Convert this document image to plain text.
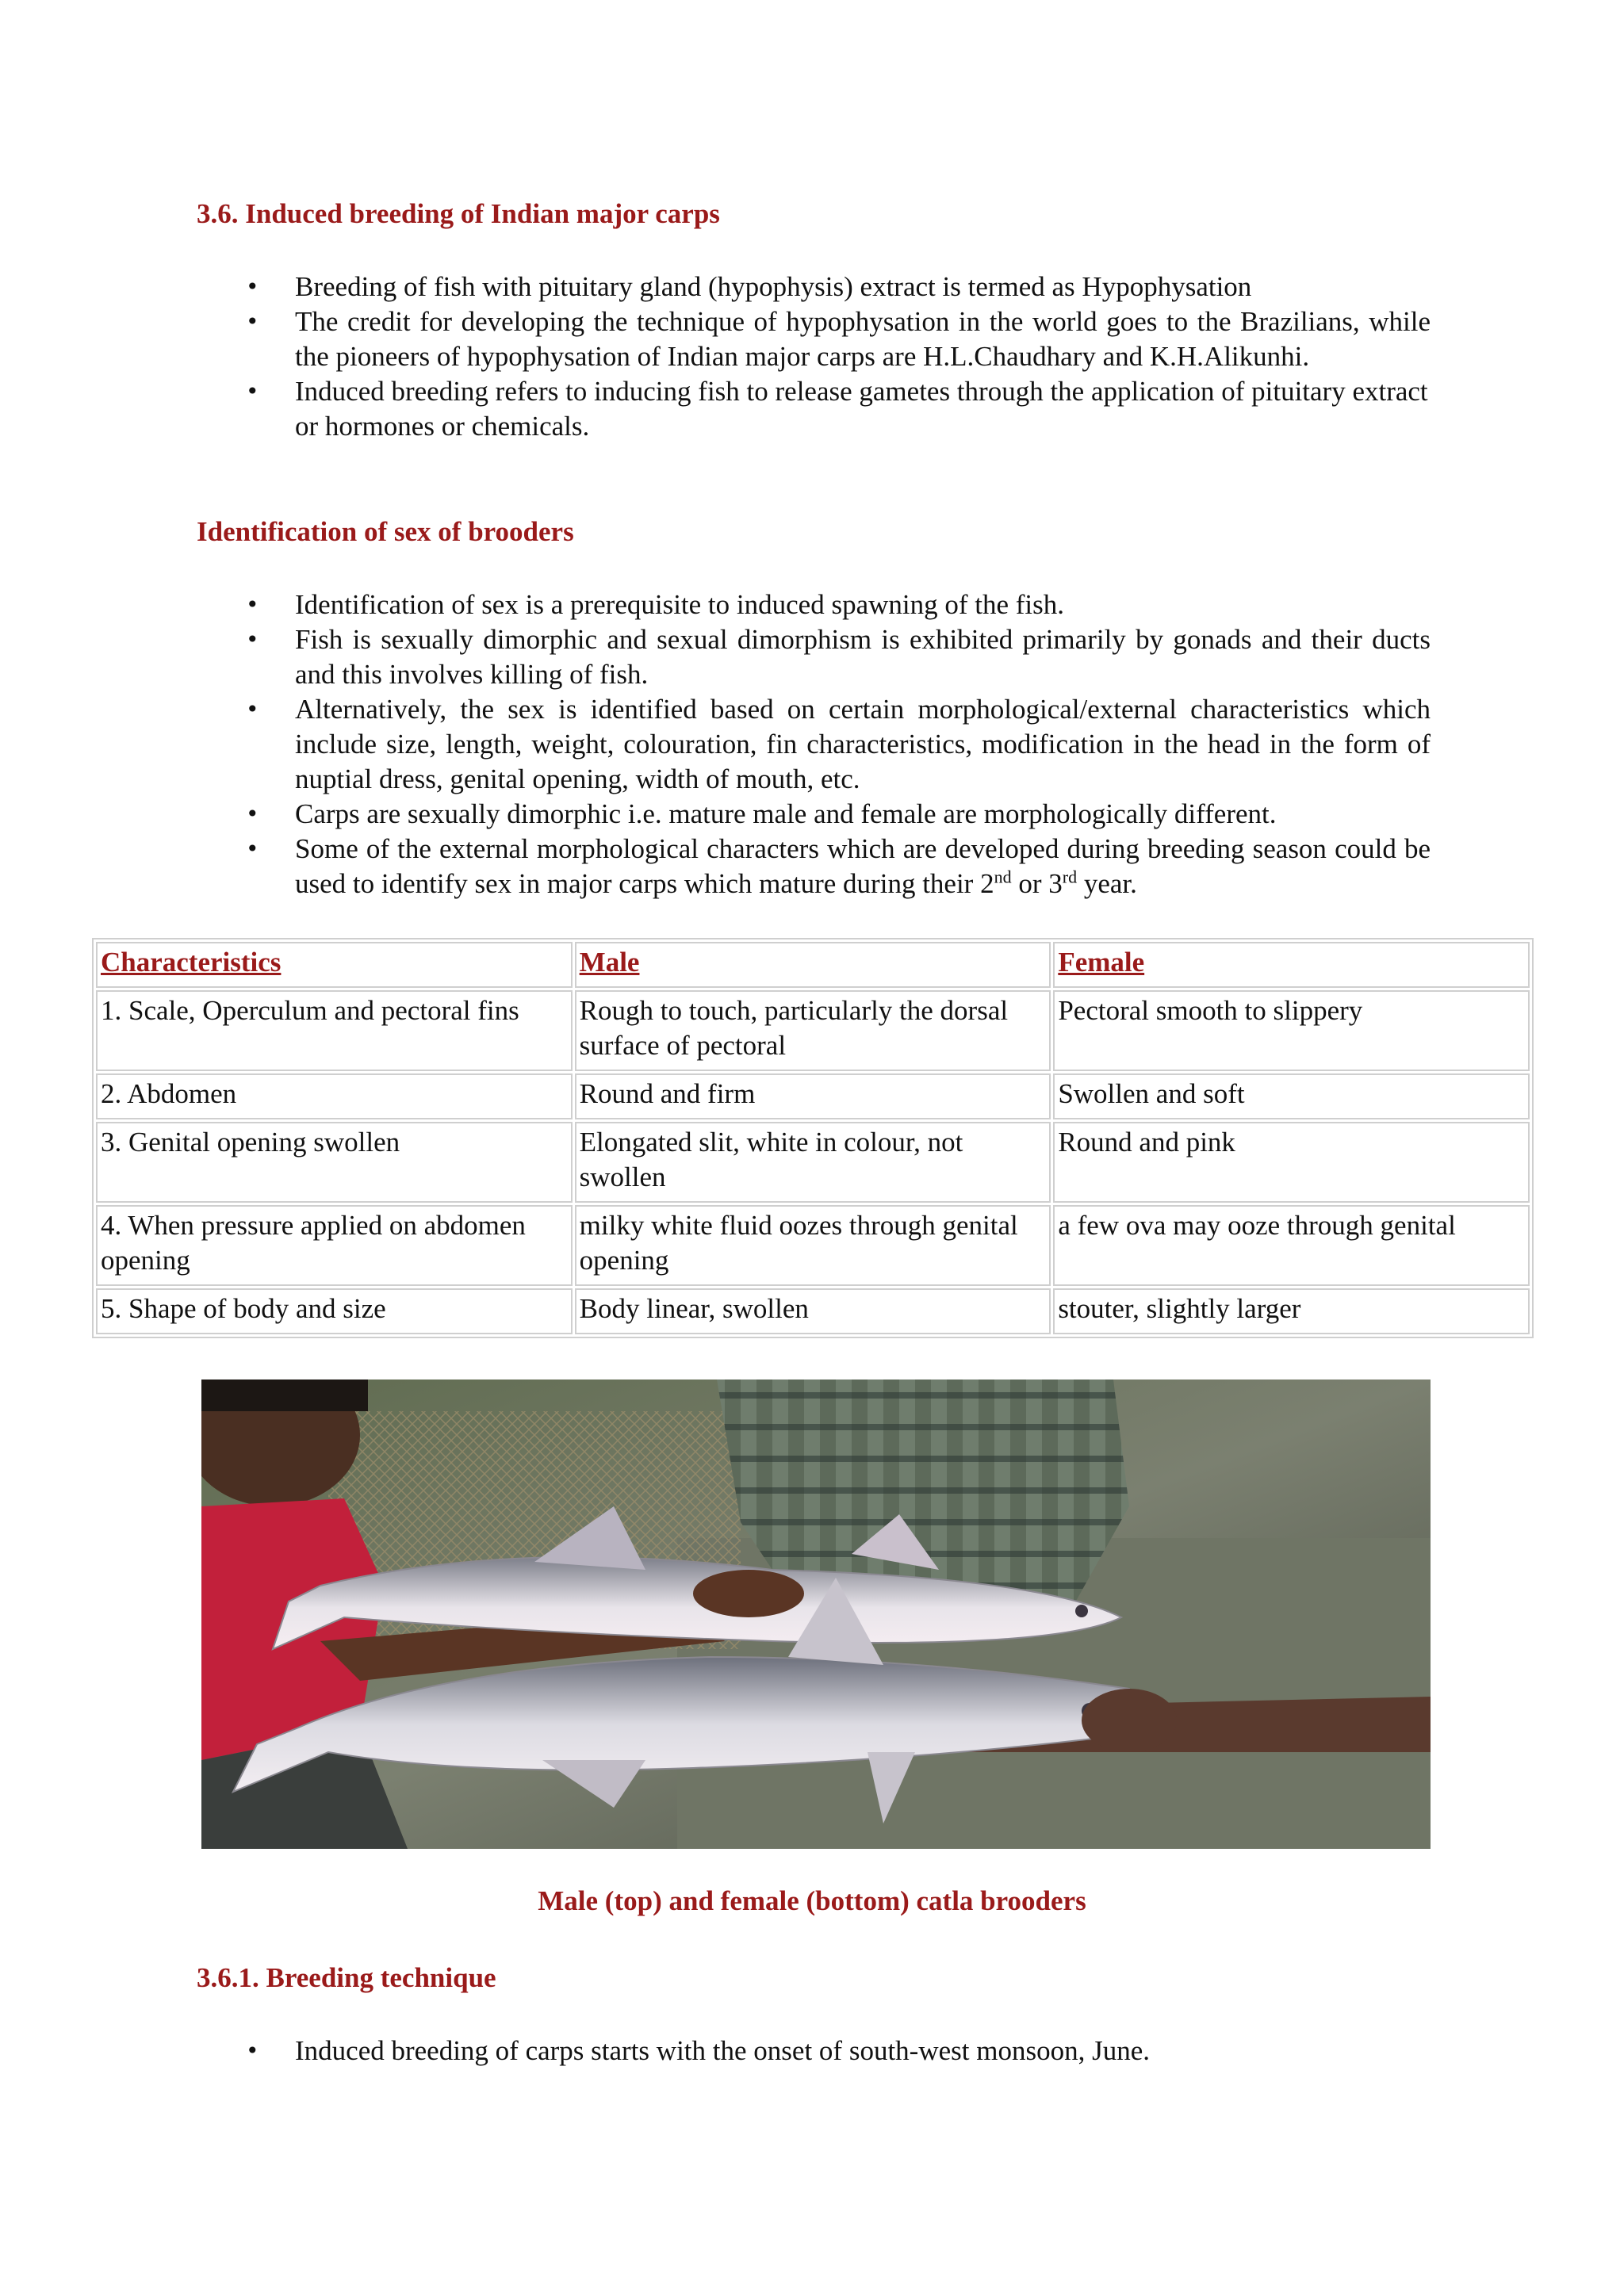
3.6. Induced breeding of Indian major carps
• Breeding of fish with pituitary gland (hypophysis) extract is termed as Hypophysation
• The credit for developing the technique of hypophysation in the world goes to the Brazilians, while the pioneers of hypophysation of Indian major carps are H.L.Chaudhary and K.H.Alikunhi.
• Induced breeding refers to inducing fish to release gametes through the application of pituitary extract or hormones or chemicals.
Identification of sex of brooders
• Identification of sex is a prerequisite to induced spawning of the fish.
• Fish is sexually dimorphic and sexual dimorphism is exhibited primarily by gonads and their ducts and this involves killing of fish.
• Alternatively, the sex is identified based on certain morphological/external characteristics which include size, length, weight, colouration, fin characteristics, modification in the head in the form of nuptial dress, genital opening, width of mouth, etc.
• Carps are sexually dimorphic i.e. mature male and female are morphologically different.
• Some of the external morphological characters which are developed during breeding season could be used to identify sex in major carps which mature during their 2nd or 3rd year.
Characteristics	Male	Female
1. Scale, Operculum and pectoral fins	Rough to touch, particularly the dorsal surface of pectoral	Pectoral smooth to slippery
2. Abdomen	Round and firm	Swollen and soft
3. Genital opening swollen	Elongated slit, white in colour, not swollen	Round and pink
4. When pressure applied on abdomen opening	milky white fluid oozes through genital opening	a few ova may ooze through genital
5. Shape of body and size	Body linear, swollen	stouter, slightly larger

Male (top) and female (bottom) catla brooders

3.6.1. Breeding technique
• Induced breeding of carps starts with the onset of south-west monsoon, June.
